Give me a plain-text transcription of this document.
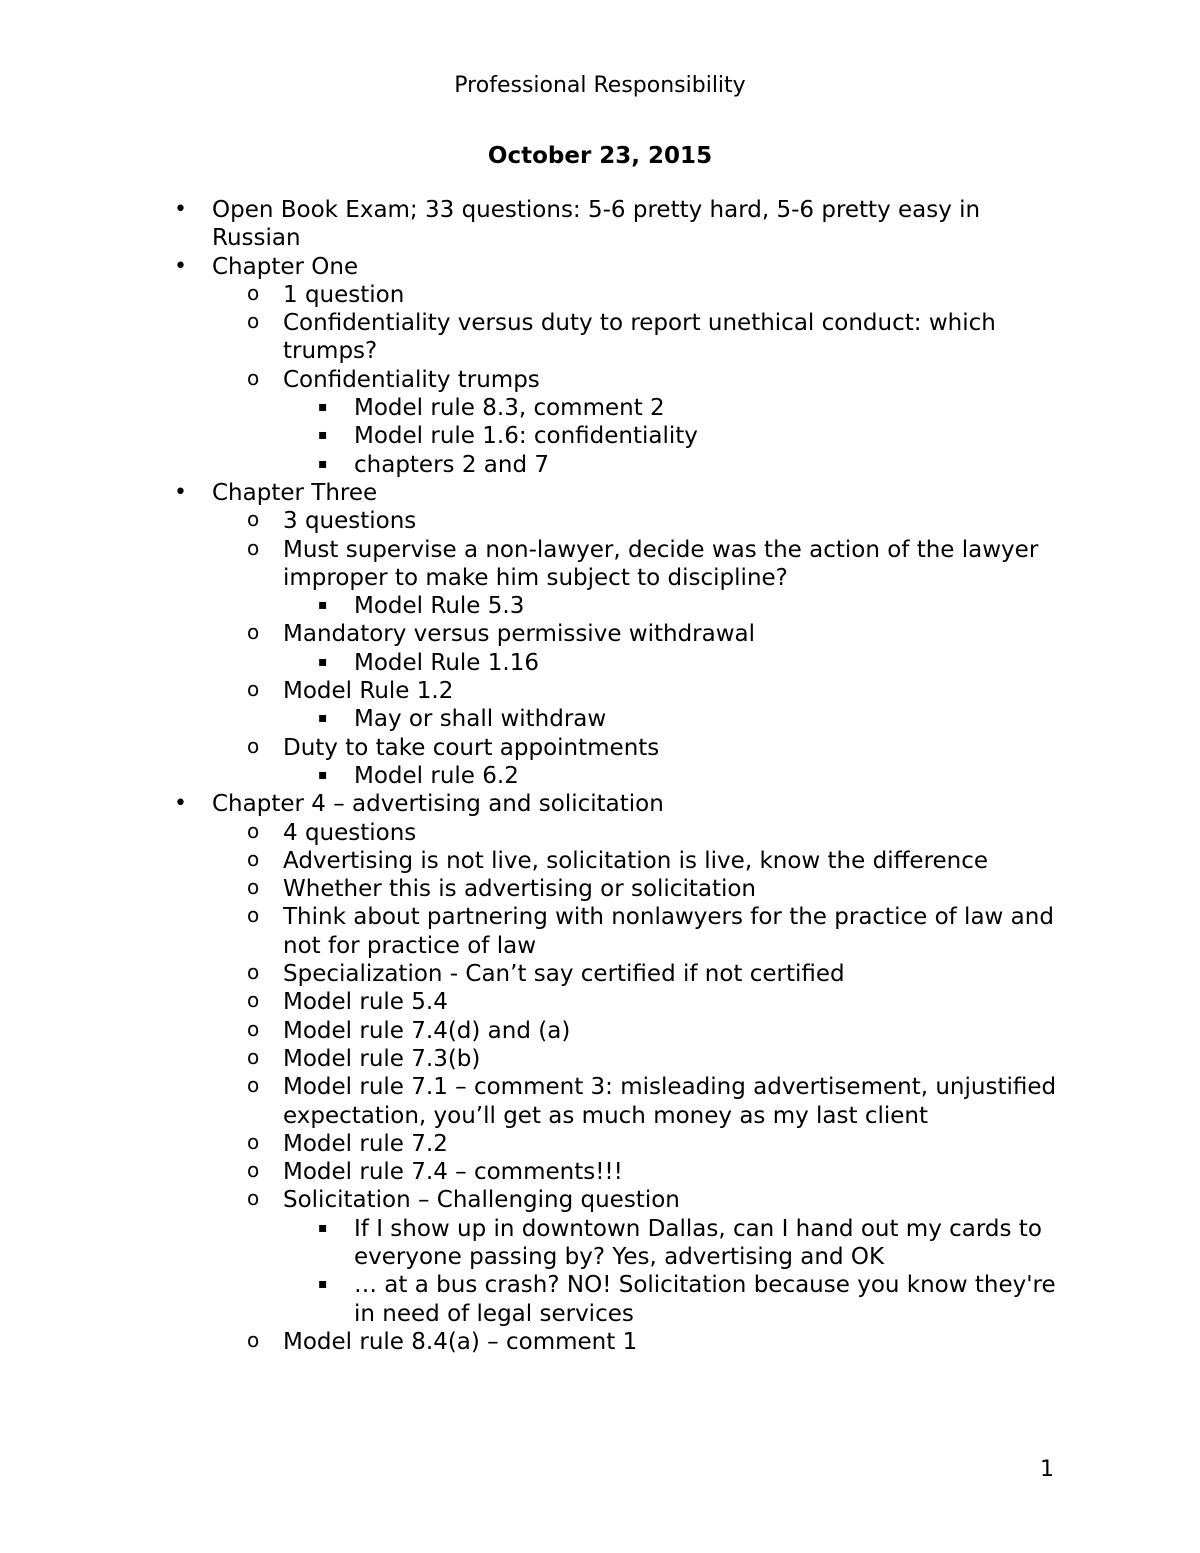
Professional Responsibility
October 23, 2015
• Open Book Exam; 33 questions: 5-6 pretty hard, 5-6 pretty easy in Russian
• Chapter One
o 1 question
o Confidentiality versus duty to report unethical conduct: which trumps?
o Confidentiality trumps
▪ Model rule 8.3, comment 2
▪ Model rule 1.6: confidentiality
▪ chapters 2 and 7
• Chapter Three
o 3 questions
o Must supervise a non-lawyer, decide was the action of the lawyer improper to make him subject to discipline?
▪ Model Rule 5.3
o Mandatory versus permissive withdrawal
▪ Model Rule 1.16
o Model Rule 1.2
▪ May or shall withdraw
o Duty to take court appointments
▪ Model rule 6.2
• Chapter 4 – advertising and solicitation
o 4 questions
o Advertising is not live, solicitation is live, know the difference
o Whether this is advertising or solicitation
o Think about partnering with nonlawyers for the practice of law and not for practice of law
o Specialization - Can’t say certified if not certified
o Model rule 5.4
o Model rule 7.4(d) and (a)
o Model rule 7.3(b)
o Model rule 7.1 – comment 3: misleading advertisement, unjustified expectation, you’ll get as much money as my last client
o Model rule 7.2
o Model rule 7.4 – comments!!!
o Solicitation – Challenging question
▪ If I show up in downtown Dallas, can I hand out my cards to everyone passing by? Yes, advertising and OK
▪ … at a bus crash? NO! Solicitation because you know they're in need of legal services
o Model rule 8.4(a) – comment 1
1
